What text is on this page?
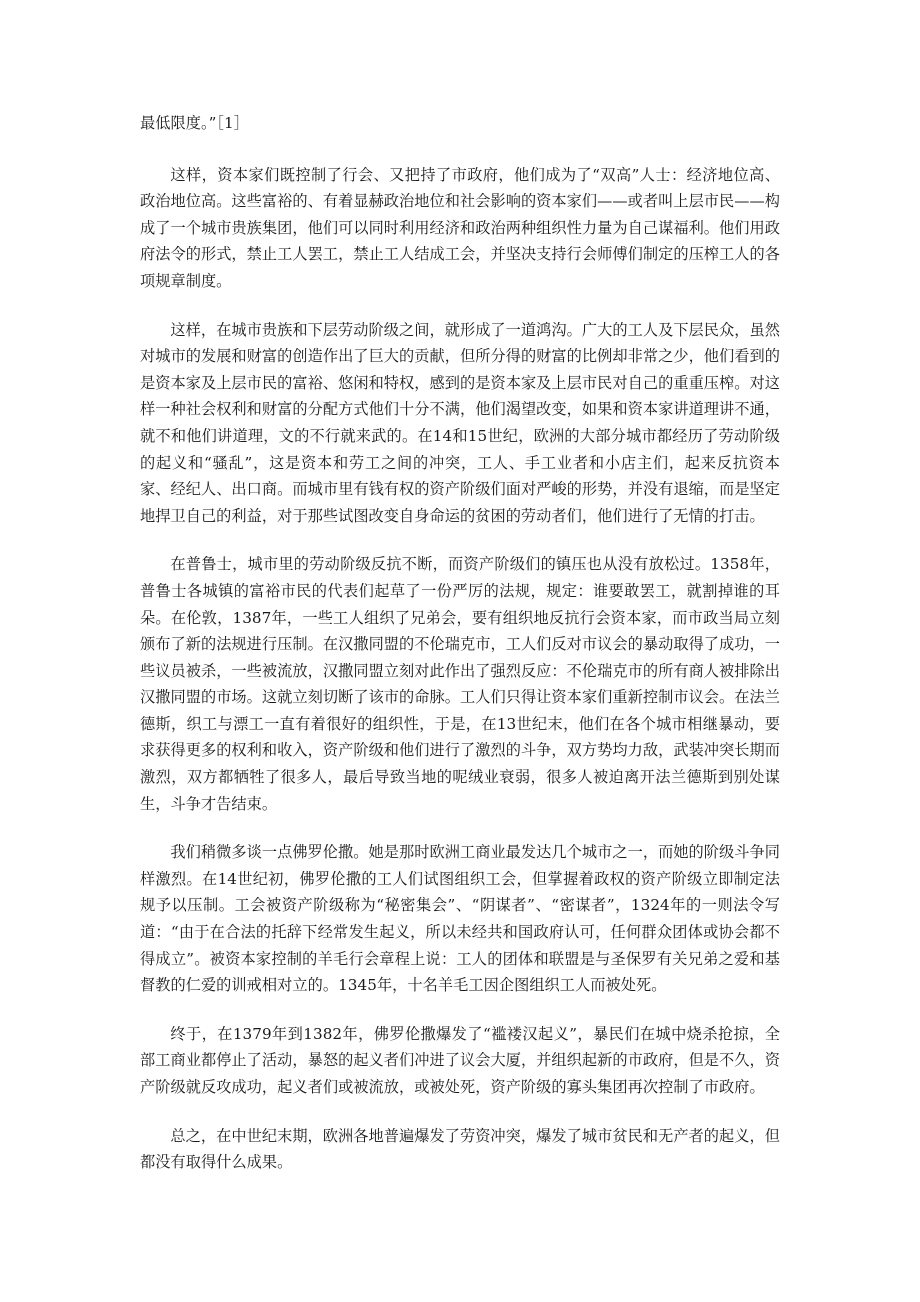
最低限度。”［1］

这样，资本家们既控制了行会、又把持了市政府，他们成为了“双高”人士：经济地位高、政治地位高。这些富裕的、有着显赫政治地位和社会影响的资本家们——或者叫上层市民——构成了一个城市贵族集团，他们可以同时利用经济和政治两种组织性力量为自己谋福利。他们用政府法令的形式，禁止工人罢工，禁止工人结成工会，并坚决支持行会师傅们制定的压榨工人的各项规章制度。

这样，在城市贵族和下层劳动阶级之间，就形成了一道鸿沟。广大的工人及下层民众，虽然对城市的发展和财富的创造作出了巨大的贡献，但所分得的财富的比例却非常之少，他们看到的是资本家及上层市民的富裕、悠闲和特权，感到的是资本家及上层市民对自己的重重压榨。对这样一种社会权利和财富的分配方式他们十分不满，他们渴望改变，如果和资本家讲道理讲不通，就不和他们讲道理，文的不行就来武的。在14和15世纪，欧洲的大部分城市都经历了劳动阶级的起义和“骚乱”，这是资本和劳工之间的冲突，工人、手工业者和小店主们，起来反抗资本家、经纪人、出口商。而城市里有钱有权的资产阶级们面对严峻的形势，并没有退缩，而是坚定地捍卫自己的利益，对于那些试图改变自身命运的贫困的劳动者们，他们进行了无情的打击。

在普鲁士，城市里的劳动阶级反抗不断，而资产阶级们的镇压也从没有放松过。1358年，普鲁士各城镇的富裕市民的代表们起草了一份严厉的法规，规定：谁要敢罢工，就割掉谁的耳朵。在伦敦，1387年，一些工人组织了兄弟会，要有组织地反抗行会资本家，而市政当局立刻颁布了新的法规进行压制。在汉撒同盟的不伦瑞克市，工人们反对市议会的暴动取得了成功，一些议员被杀，一些被流放，汉撒同盟立刻对此作出了强烈反应：不伦瑞克市的所有商人被排除出汉撒同盟的市场。这就立刻切断了该市的命脉。工人们只得让资本家们重新控制市议会。在法兰德斯，织工与漂工一直有着很好的组织性，于是，在13世纪末，他们在各个城市相继暴动，要求获得更多的权利和收入，资产阶级和他们进行了激烈的斗争，双方势均力敌，武装冲突长期而激烈，双方都牺牲了很多人，最后导致当地的呢绒业衰弱，很多人被迫离开法兰德斯到别处谋生，斗争才告结束。

我们稍微多谈一点佛罗伦撒。她是那时欧洲工商业最发达几个城市之一，而她的阶级斗争同样激烈。在14世纪初，佛罗伦撒的工人们试图组织工会，但掌握着政权的资产阶级立即制定法规予以压制。工会被资产阶级称为“秘密集会”、“阴谋者”、“密谋者”，1324年的一则法令写道：“由于在合法的托辞下经常发生起义，所以未经共和国政府认可，任何群众团体或协会都不得成立”。被资本家控制的羊毛行会章程上说：工人的团体和联盟是与圣保罗有关兄弟之爱和基督教的仁爱的训戒相对立的。1345年，十名羊毛工因企图组织工人而被处死。

终于，在1379年到1382年，佛罗伦撒爆发了“褴褛汉起义”，暴民们在城中烧杀抢掠，全部工商业都停止了活动，暴怒的起义者们冲进了议会大厦，并组织起新的市政府，但是不久，资产阶级就反攻成功，起义者们或被流放，或被处死，资产阶级的寡头集团再次控制了市政府。

总之，在中世纪末期，欧洲各地普遍爆发了劳资冲突，爆发了城市贫民和无产者的起义，但都没有取得什么成果。
